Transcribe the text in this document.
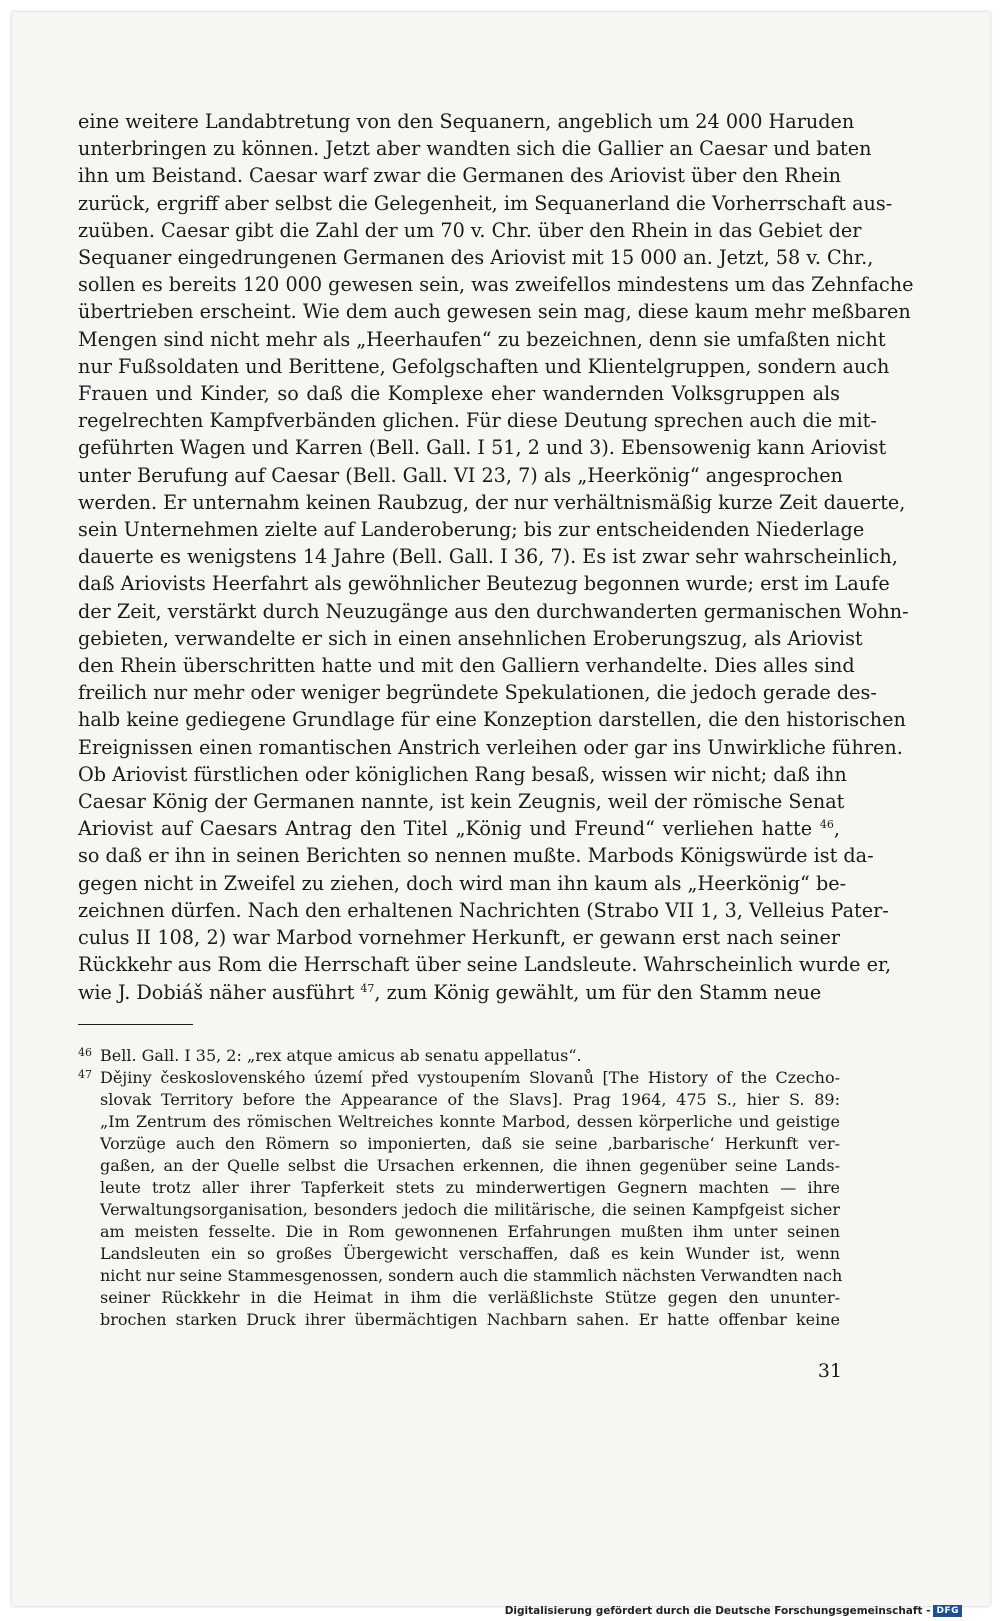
eine weitere Landabtretung von den Sequanern, angeblich um 24 000 Haruden
unterbringen zu können. Jetzt aber wandten sich die Gallier an Caesar und baten
ihn um Beistand. Caesar warf zwar die Germanen des Ariovist über den Rhein
zurück, ergriff aber selbst die Gelegenheit, im Sequanerland die Vorherrschaft aus-
zuüben. Caesar gibt die Zahl der um 70 v. Chr. über den Rhein in das Gebiet der
Sequaner eingedrungenen Germanen des Ariovist mit 15 000 an. Jetzt, 58 v. Chr.,
sollen es bereits 120 000 gewesen sein, was zweifellos mindestens um das Zehnfache
übertrieben erscheint. Wie dem auch gewesen sein mag, diese kaum mehr meßbaren
Mengen sind nicht mehr als „Heerhaufen“ zu bezeichnen, denn sie umfaßten nicht
nur Fußsoldaten und Berittene, Gefolgschaften und Klientelgruppen, sondern auch
Frauen und Kinder, so daß die Komplexe eher wandernden Volksgruppen als
regelrechten Kampfverbänden glichen. Für diese Deutung sprechen auch die mit-
geführten Wagen und Karren (Bell. Gall. I 51, 2 und 3). Ebensowenig kann Ariovist
unter Berufung auf Caesar (Bell. Gall. VI 23, 7) als „Heerkönig“ angesprochen
werden. Er unternahm keinen Raubzug, der nur verhältnismäßig kurze Zeit dauerte,
sein Unternehmen zielte auf Landeroberung; bis zur entscheidenden Niederlage
dauerte es wenigstens 14 Jahre (Bell. Gall. I 36, 7). Es ist zwar sehr wahrscheinlich,
daß Ariovists Heerfahrt als gewöhnlicher Beutezug begonnen wurde; erst im Laufe
der Zeit, verstärkt durch Neuzugänge aus den durchwanderten germanischen Wohn-
gebieten, verwandelte er sich in einen ansehnlichen Eroberungszug, als Ariovist
den Rhein überschritten hatte und mit den Galliern verhandelte. Dies alles sind
freilich nur mehr oder weniger begründete Spekulationen, die jedoch gerade des-
halb keine gediegene Grundlage für eine Konzeption darstellen, die den historischen
Ereignissen einen romantischen Anstrich verleihen oder gar ins Unwirkliche führen.
Ob Ariovist fürstlichen oder königlichen Rang besaß, wissen wir nicht; daß ihn
Caesar König der Germanen nannte, ist kein Zeugnis, weil der römische Senat
Ariovist auf Caesars Antrag den Titel „König und Freund“ verliehen hatte $^{46}$,
so daß er ihn in seinen Berichten so nennen mußte. Marbods Königswürde ist da-
gegen nicht in Zweifel zu ziehen, doch wird man ihn kaum als „Heerkönig“ be-
zeichnen dürfen. Nach den erhaltenen Nachrichten (Strabo VII 1, 3, Velleius Pater-
culus II 108, 2) war Marbod vornehmer Herkunft, er gewann erst nach seiner
Rückkehr aus Rom die Herrschaft über seine Landsleute. Wahrscheinlich wurde er,
wie J. Dobiáš näher ausführt $^{47}$, zum König gewählt, um für den Stamm neue
46 Bell. Gall. I 35, 2: „rex atque amicus ab senatu appellatus“.
47 Dějiny československého území před vystoupením Slovanů [The History of the Czecho-
slovak Territory before the Appearance of the Slavs]. Prag 1964, 475 S., hier S. 89:
„Im Zentrum des römischen Weltreiches konnte Marbod, dessen körperliche und geistige
Vorzüge auch den Römern so imponierten, daß sie seine ‚barbarische‘ Herkunft ver-
gaßen, an der Quelle selbst die Ursachen erkennen, die ihnen gegenüber seine Lands-
leute trotz aller ihrer Tapferkeit stets zu minderwertigen Gegnern machten — ihre
Verwaltungsorganisation, besonders jedoch die militärische, die seinen Kampfgeist sicher
am meisten fesselte. Die in Rom gewonnenen Erfahrungen mußten ihm unter seinen
Landsleuten ein so großes Übergewicht verschaffen, daß es kein Wunder ist, wenn
nicht nur seine Stammesgenossen, sondern auch die stammlich nächsten Verwandten nach
seiner Rückkehr in die Heimat in ihm die verläßlichste Stütze gegen den ununter-
brochen starken Druck ihrer übermächtigen Nachbarn sahen. Er hatte offenbar keine
31
Digitalisierung gefördert durch die Deutsche Forschungsgemeinschaft - DFG
